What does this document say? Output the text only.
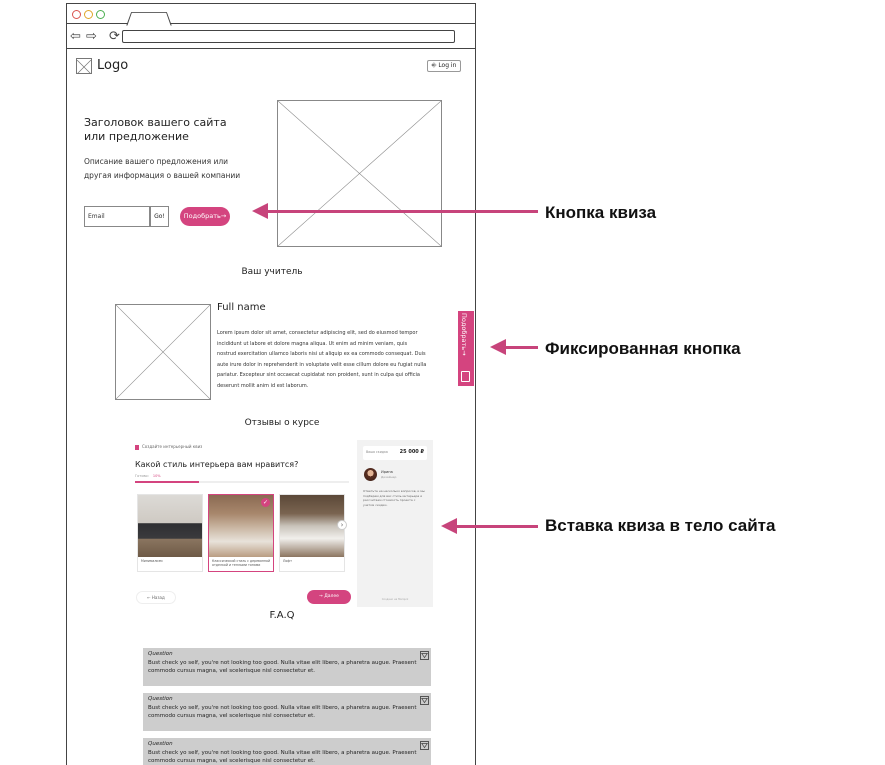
⇦ ⇨ ⟳
Logo	⎆ Log in
Заголовок вашего сайта или предложение
Описание вашего предложения или другая информация о вашей компании
Email	Go!	Подобрать→
Ваш учитель
Full name
Lorem ipsum dolor sit amet, consectetur adipiscing elit, sed do eiusmod tempor incididunt ut labore et dolore magna aliqua. Ut enim ad minim veniam, quis nostrud exercitation ullamco laboris nisi ut aliquip ex ea commodo consequat. Duis aute irure dolor in reprehenderit in voluptate velit esse cillum dolore eu fugiat nulla pariatur. Excepteur sint occaecat cupidatat non proident, sunt in culpa qui officia deserunt mollit anim id est laborum.
Отзывы о курсе
Создайте интерьерный квиз
Какой стиль интерьера вам нравится?
Готово: 10%
Минимализм
✓
Классический стиль с деревянной отделкой и теплыми тонами
Лофт
›
← Назад	→ Далее
Ваша скидка 25 000 ₽
Ирина
Дизайнер
Ответьте на несколько вопросов, и мы подберем для вас стиль интерьера и рассчитаем стоимость проекта с учетом скидки.
Создано на Marquiz
F.A.Q
Question
Bust check yo self, you're not looking too good. Nulla vitae elit libero, a pharetra augue. Praesent commodo cursus magna, vel scelerisque nisl consectetur et.
Question
Bust check yo self, you're not looking too good. Nulla vitae elit libero, a pharetra augue. Praesent commodo cursus magna, vel scelerisque nisl consectetur et.
Question
Bust check yo self, you're not looking too good. Nulla vitae elit libero, a pharetra augue. Praesent commodo cursus magna, vel scelerisque nisl consectetur et.
Подобрать→
Кнопка квиза
Фиксированная кнопка
Вставка квиза в тело сайта
